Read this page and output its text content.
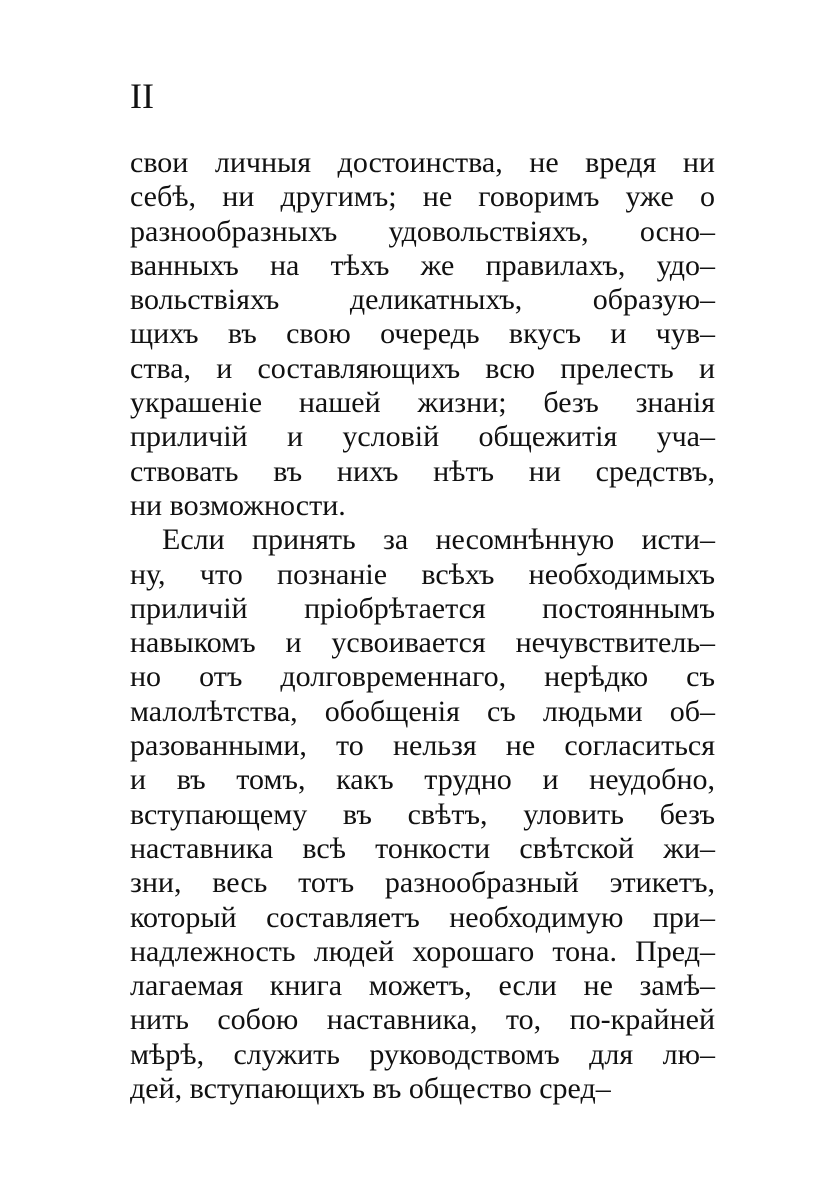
II

свои личныя достоинства, не вредя ни
себѣ, ни другимъ; не говоримъ уже о
разнообразныхъ удовольствіяхъ, осно–
ванныхъ на тѣхъ же правилахъ, удо–
вольствіяхъ деликатныхъ, образую–
щихъ въ свою очередь вкусъ и чув–
ства, и составляющихъ всю прелесть и
украшеніе нашей жизни; безъ знанія
приличій и условій общежитія уча–
ствовать въ нихъ нѣтъ ни средствъ,
ни возможности.
Если принять за несомнѣнную исти–
ну, что познаніе всѣхъ необходимыхъ
приличій пріобрѣтается постояннымъ
навыкомъ и усвоивается нечувствитель–
но отъ долговременнаго, нерѣдко съ
малолѣтства, обобщенія съ людьми об–
разованными, то нельзя не согласиться
и въ томъ, какъ трудно и неудобно,
вступающему въ свѣтъ, уловить безъ
наставника всѣ тонкости свѣтской жи–
зни, весь тотъ разнообразный этикетъ,
который составляетъ необходимую при–
надлежность людей хорошаго тона. Пред–
лагаемая книга можетъ, если не замѣ–
нить собою наставника, то, по-крайней
мѣрѣ, служить руководствомъ для лю–
дей, вступающихъ въ общество сред–
